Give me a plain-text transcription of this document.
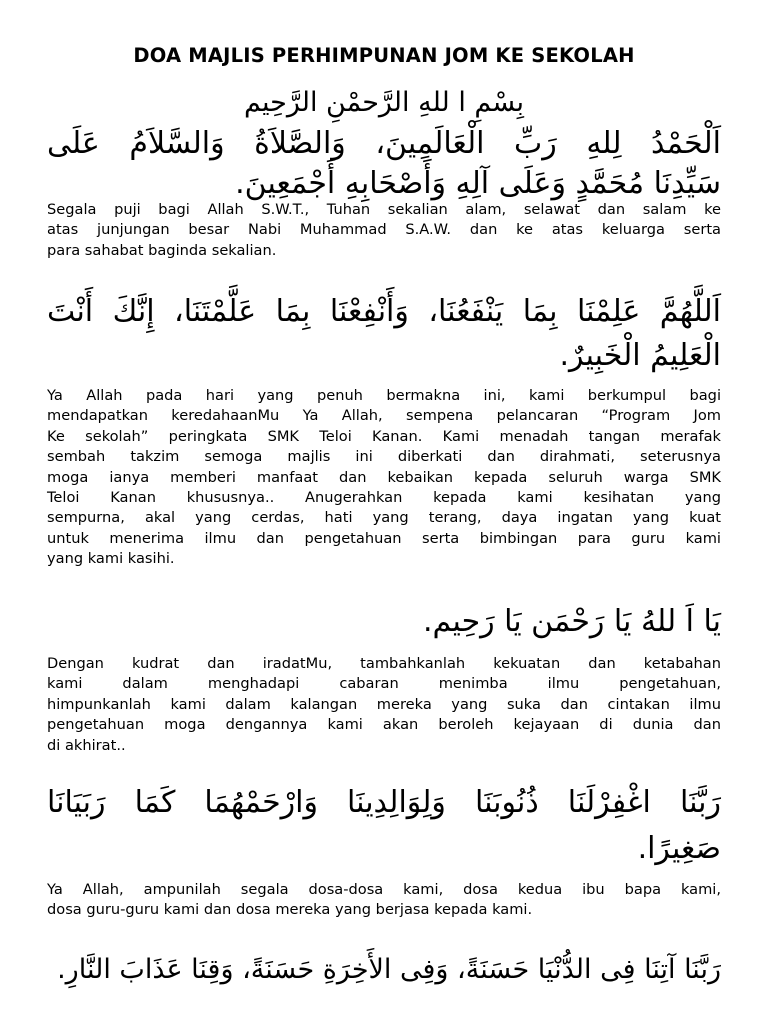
DOA MAJLIS PERHIMPUNAN JOM KE SEKOLAH
بِسْمِ ا للهِ الرَّحمْنِ الرَّحِيم
اَلْحَمْدُ لِلهِ رَبِّ الْعَالَمِينَ، وَالصَّلاَةُ وَالسَّلاَمُ عَلَى
سَيِّدِنَا مُحَمَّدٍ وَعَلَى آلِهِ وَأَصْحَابِهِ أَجْمَعِينَ.
Segala puji bagi Allah S.W.T., Tuhan sekalian alam, selawat dan salam ke
atas junjungan besar Nabi Muhammad S.A.W. dan ke atas keluarga serta
para sahabat baginda sekalian.
اَللَّهُمَّ عَلِمْنَا بِمَا يَنْفَعُنَا، وَأَنْفِعْنَا بِمَا عَلَّمْتَنَا، إِنَّكَ أَنْتَ
الْعَلِيمُ الْخَبِيرٌ.
Ya Allah pada hari yang penuh bermakna ini, kami berkumpul bagi
mendapatkan keredahaanMu Ya Allah, sempena pelancaran “Program Jom
Ke sekolah” peringkata SMK Teloi Kanan. Kami menadah tangan merafak
sembah takzim semoga majlis ini diberkati dan dirahmati, seterusnya
moga ianya memberi manfaat dan kebaikan kepada seluruh warga SMK
Teloi Kanan khususnya.. Anugerahkan kepada kami kesihatan yang
sempurna, akal yang cerdas, hati yang terang, daya ingatan yang kuat
untuk menerima ilmu dan pengetahuan serta bimbingan para guru kami
yang kami kasihi.
يَا اَ للهُ يَا رَحْمَن يَا رَحِيم.
Dengan kudrat dan iradatMu, tambahkanlah kekuatan dan ketabahan
kami dalam menghadapi cabaran menimba ilmu pengetahuan,
himpunkanlah kami dalam kalangan mereka yang suka dan cintakan ilmu
pengetahuan moga dengannya kami akan beroleh kejayaan di dunia dan
di akhirat..
رَبَّنَا اغْفِرْلَنَا ذُنُوبَنَا وَلِوَالِدِينَا وَارْحَمْهُمَا كَمَا رَبَيَانَا
صَغِيرًا.
Ya Allah, ampunilah segala dosa-dosa kami, dosa kedua ibu bapa kami,
dosa guru-guru kami dan dosa mereka yang berjasa kepada kami.
رَبَّنَا آتِنَا فِى الدُّنْيَا حَسَنَةً، وَفِى الأَخِرَةِ حَسَنَةً، وَقِنَا عَذَابَ النَّارِ.
